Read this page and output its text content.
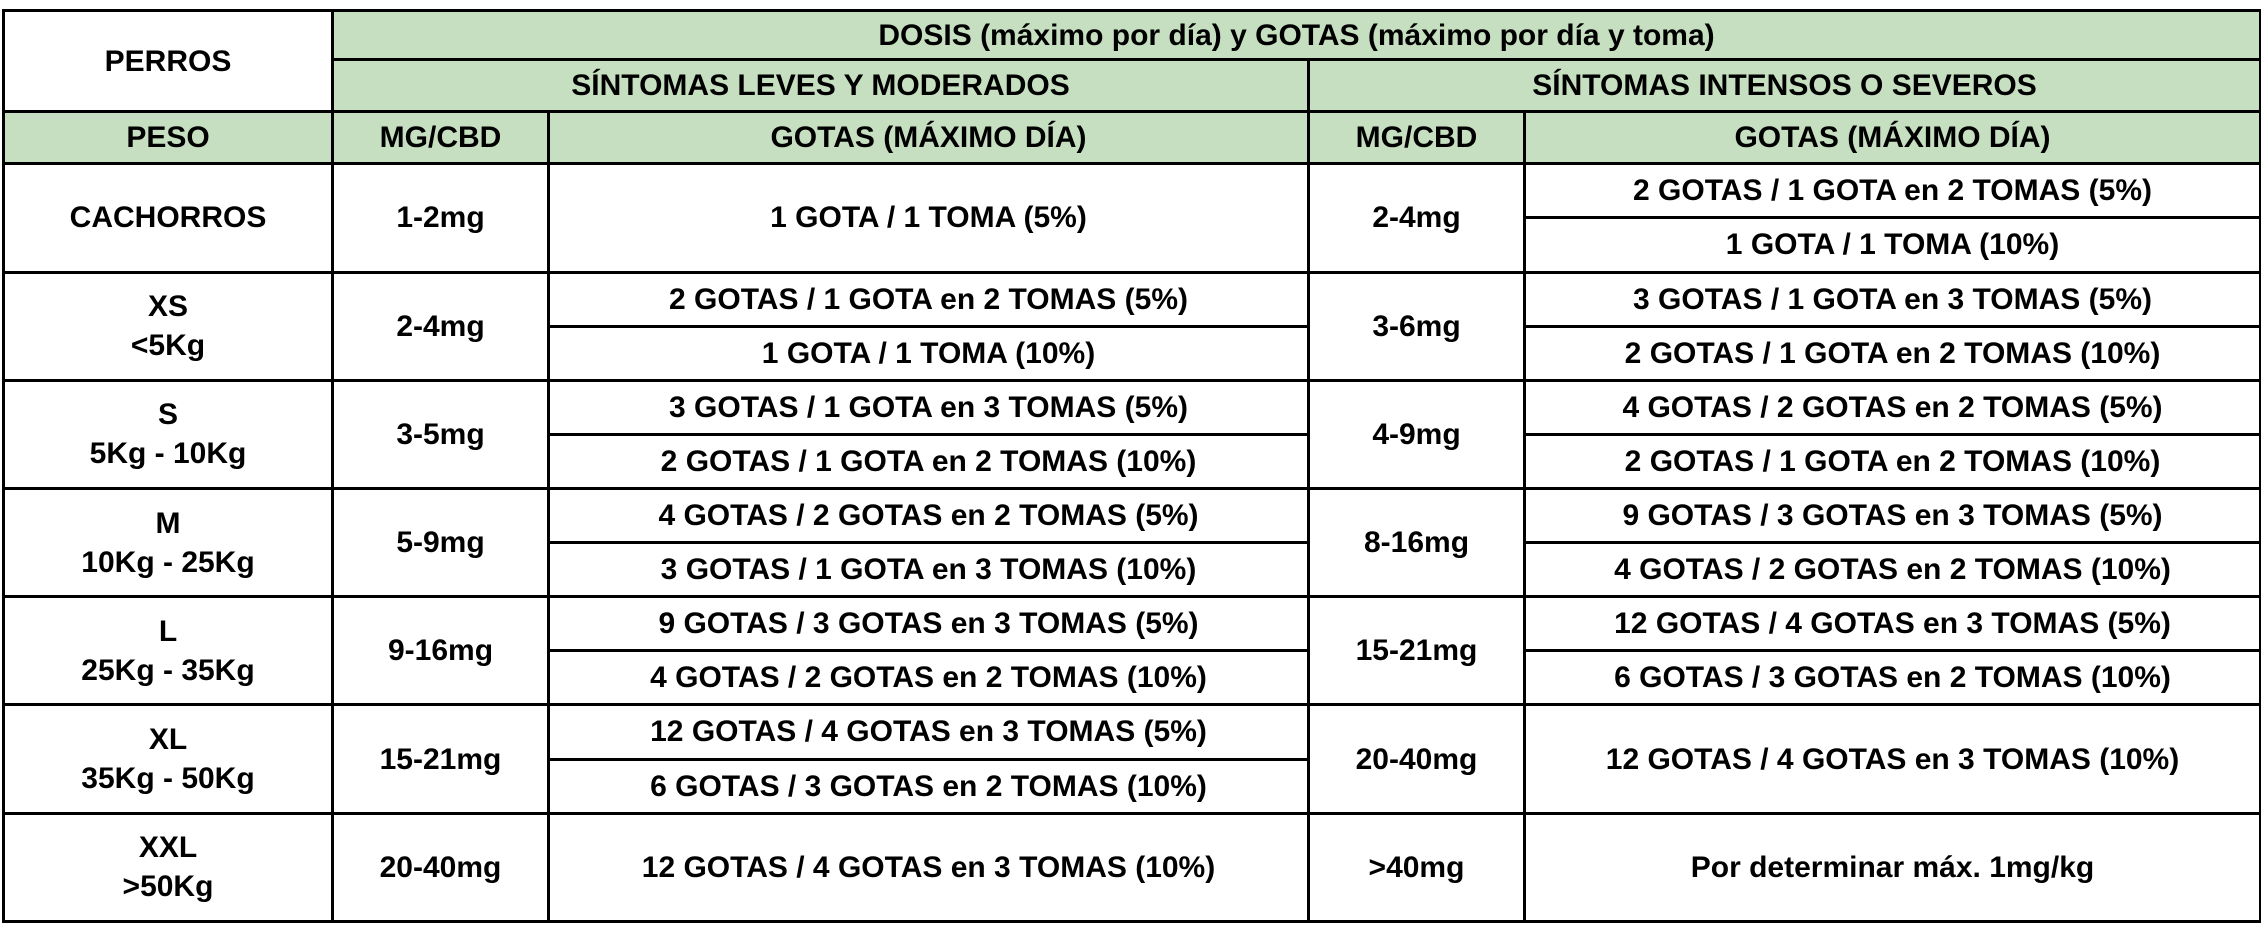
PERROS	DOSIS (máximo por día) y GOTAS (máximo por día y toma)			
	SÍNTOMAS LEVES Y MODERADOS		SÍNTOMAS INTENSOS O SEVEROS	
PESO	MG/CBD	GOTAS (MÁXIMO DÍA)	MG/CBD	GOTAS (MÁXIMO DÍA)

CACHORROS	1-2mg	1 GOTA / 1 TOMA (5%)	2-4mg	2 GOTAS / 1 GOTA en 2 TOMAS (5%)
				1 GOTA / 1 TOMA (10%)

XS
<5Kg	2-4mg	2 GOTAS / 1 GOTA en 2 TOMAS (5%)	3-6mg	3 GOTAS / 1 GOTA en 3 TOMAS (5%)
		1 GOTA / 1 TOMA (10%)		2 GOTAS / 1 GOTA en 2 TOMAS (10%)

S
5Kg - 10Kg	3-5mg	3 GOTAS / 1 GOTA en 3 TOMAS (5%)	4-9mg	4 GOTAS / 2 GOTAS en 2 TOMAS (5%)
		2 GOTAS / 1 GOTA en 2 TOMAS (10%)		2 GOTAS / 1 GOTA en 2 TOMAS (10%)

M
10Kg - 25Kg	5-9mg	4 GOTAS / 2 GOTAS en 2 TOMAS (5%)	8-16mg	9 GOTAS / 3 GOTAS en 3 TOMAS (5%)
		3 GOTAS / 1 GOTA en 3 TOMAS (10%)		4 GOTAS / 2 GOTAS en 2 TOMAS (10%)

L
25Kg - 35Kg	9-16mg	9 GOTAS / 3 GOTAS en 3 TOMAS (5%)	15-21mg	12 GOTAS / 4 GOTAS en 3 TOMAS (5%)
		4 GOTAS / 2 GOTAS en 2 TOMAS (10%)		6 GOTAS / 3 GOTAS en 2 TOMAS (10%)

XL
35Kg - 50Kg	15-21mg	12 GOTAS / 4 GOTAS en 3 TOMAS (5%)	20-40mg	12 GOTAS / 4 GOTAS en 3 TOMAS (10%)
		6 GOTAS / 3 GOTAS en 2 TOMAS (10%)		

XXL
>50Kg	20-40mg	12 GOTAS / 4 GOTAS en 3 TOMAS (10%)	>40mg	Por determinar máx. 1mg/kg
